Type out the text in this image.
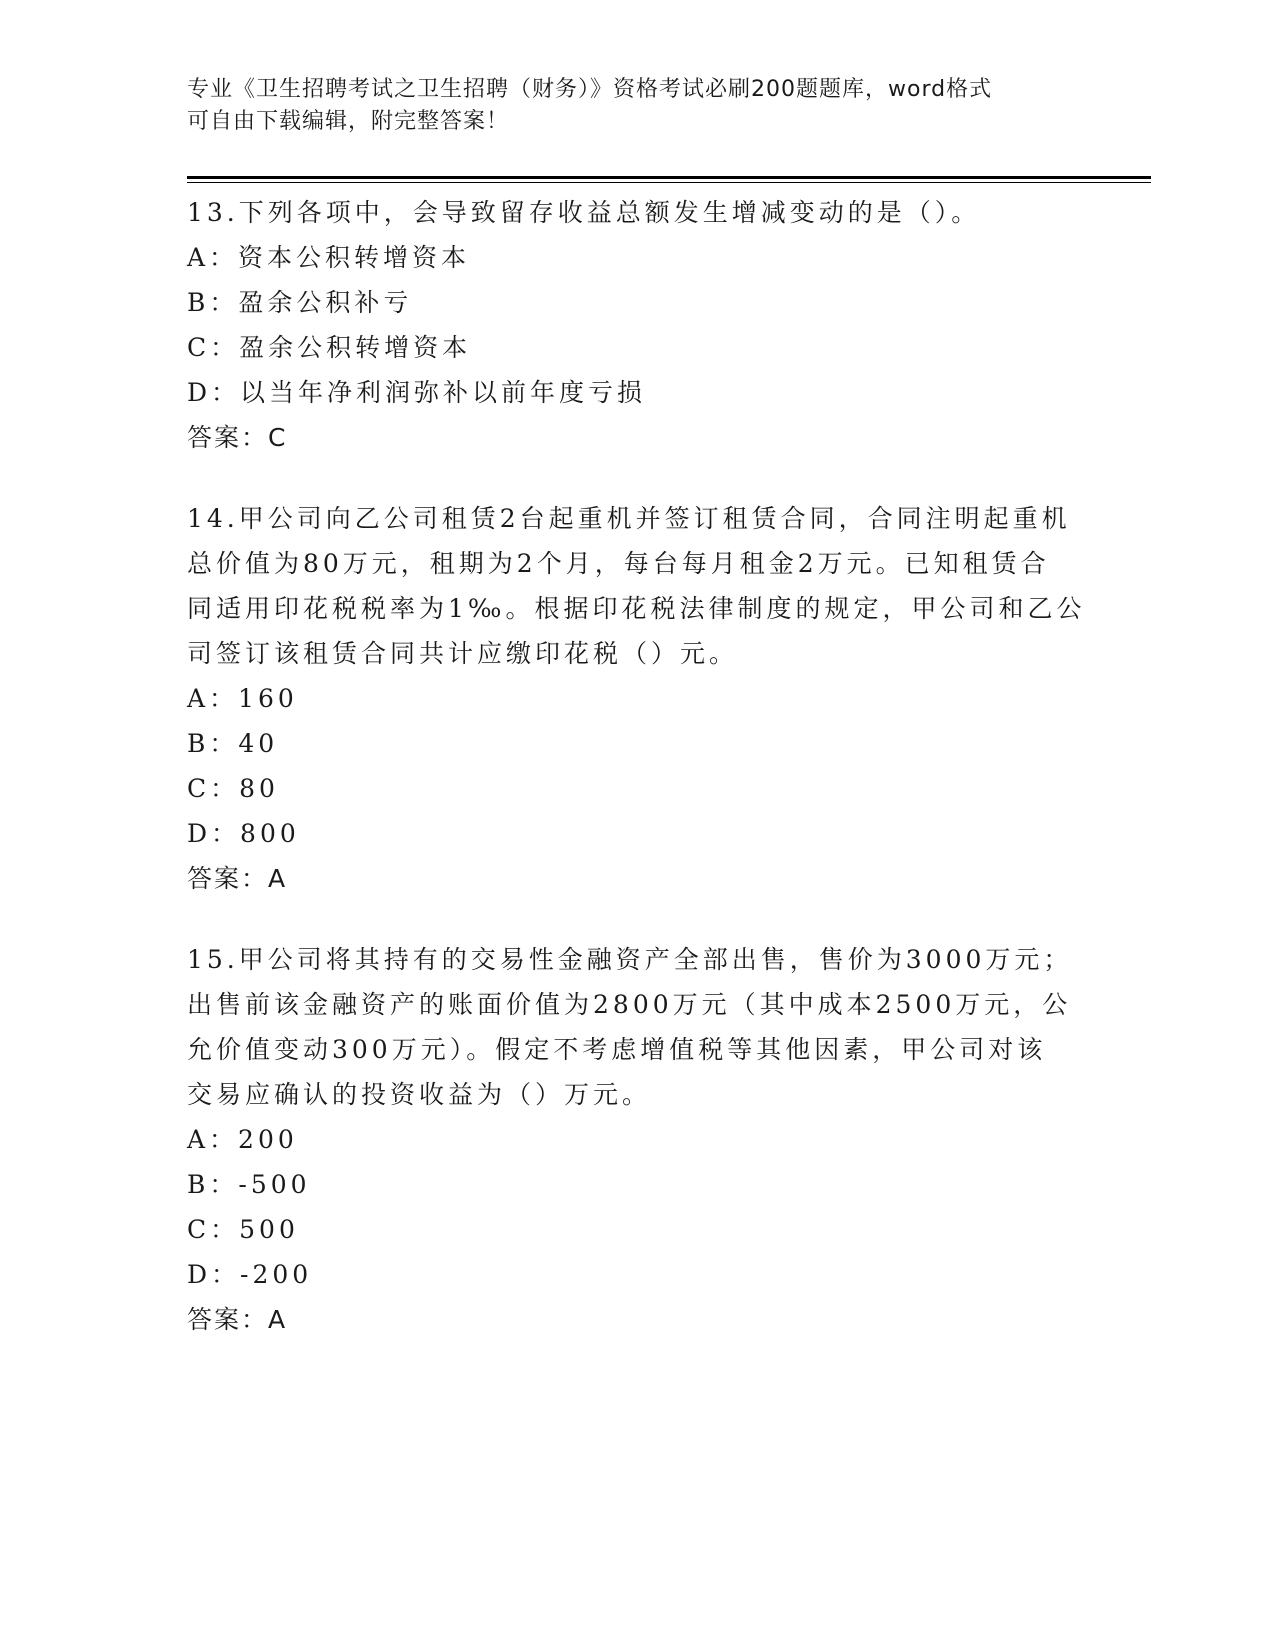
专业《卫生招聘考试之卫生招聘（财务）》资格考试必刷200题题库，word格式
可自由下载编辑，附完整答案！
13.下列各项中，会导致留存收益总额发生增减变动的是（）。
A：资本公积转增资本
B：盈余公积补亏
C：盈余公积转增资本
D：以当年净利润弥补以前年度亏损
答案：C
14.甲公司向乙公司租赁2台起重机并签订租赁合同，合同注明起重机
总价值为80万元，租期为2个月，每台每月租金2万元。已知租赁合
同适用印花税税率为1‰。根据印花税法律制度的规定，甲公司和乙公
司签订该租赁合同共计应缴印花税（）元。
A：160
B：40
C：80
D：800
答案：A
15.甲公司将其持有的交易性金融资产全部出售，售价为3000万元；
出售前该金融资产的账面价值为2800万元（其中成本2500万元，公
允价值变动300万元）。假定不考虑增值税等其他因素，甲公司对该
交易应确认的投资收益为（）万元。
A：200
B：-500
C：500
D：-200
答案：A
